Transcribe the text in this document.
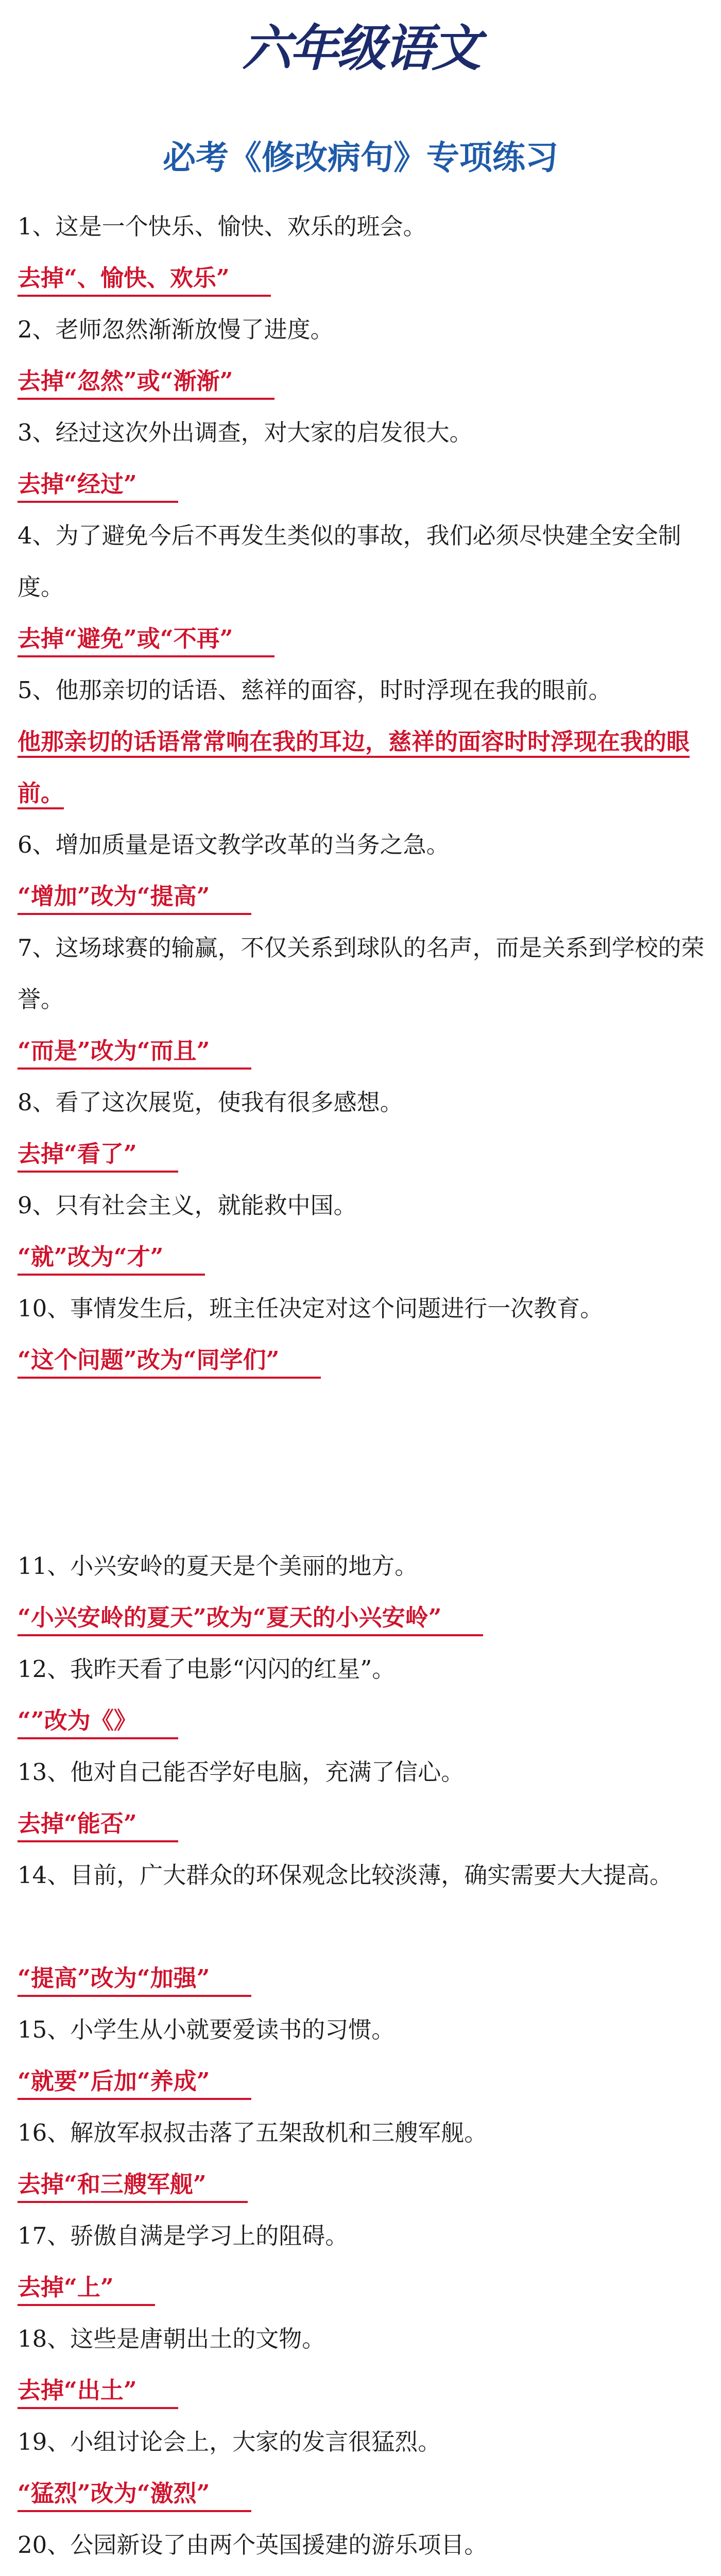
六年级语文
必考《修改病句》专项练习
1、这是一个快乐、愉快、欢乐的班会。
去掉“、愉快、欢乐”
2、老师忽然渐渐放慢了进度。
去掉“忽然”或“渐渐”
3、经过这次外出调查，对大家的启发很大。
去掉“经过”
4、为了避免今后不再发生类似的事故，我们必须尽快建全安全制度。
去掉“避免”或“不再”
5、他那亲切的话语、慈祥的面容，时时浮现在我的眼前。
他那亲切的话语常常响在我的耳边，慈祥的面容时时浮现在我的眼前。
6、增加质量是语文教学改革的当务之急。
“增加”改为“提高”
7、这场球赛的输赢，不仅关系到球队的名声，而是关系到学校的荣誉。
“而是”改为“而且”
8、看了这次展览，使我有很多感想。
去掉“看了”
9、只有社会主义，就能救中国。
“就”改为“才”
10、事情发生后，班主任决定对这个问题进行一次教育。
“这个问题”改为“同学们”
11、小兴安岭的夏天是个美丽的地方。
“小兴安岭的夏天”改为“夏天的小兴安岭”
12、我昨天看了电影“闪闪的红星”。
“”改为《》
13、他对自己能否学好电脑，充满了信心。
去掉“能否”
14、目前，广大群众的环保观念比较淡薄，确实需要大大提高。
“提高”改为“加强”
15、小学生从小就要爱读书的习惯。
“就要”后加“养成”
16、解放军叔叔击落了五架敌机和三艘军舰。
去掉“和三艘军舰”
17、骄傲自满是学习上的阻碍。
去掉“上”
18、这些是唐朝出土的文物。
去掉“出土”
19、小组讨论会上，大家的发言很猛烈。
“猛烈”改为“激烈”
20、公园新设了由两个英国援建的游乐项目。
